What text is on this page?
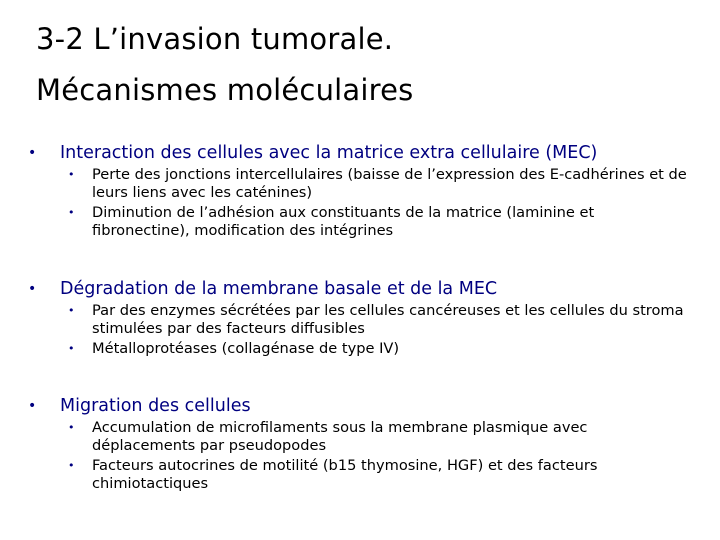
3-2 L’invasion tumorale.
Mécanismes moléculaires
•	Interaction des cellules avec la matrice extra cellulaire (MEC)
•	Perte des jonctions intercellulaires (baisse de l’expression des E-cadhérines et de leurs liens avec les caténines)
•	Diminution de l’adhésion aux constituants de la matrice (laminine et fibronectine), modification des intégrines
•	Dégradation de la membrane basale et de la MEC
•	Par des enzymes sécrétées par les cellules cancéreuses et les cellules du stroma stimulées par des facteurs diffusibles
•	Métalloprotéases (collagénase de type IV)
•	Migration des cellules
•	Accumulation de microfilaments sous la membrane plasmique avec déplacements par pseudopodes
•	Facteurs autocrines de motilité (b15 thymosine, HGF) et des facteurs chimiotactiques
